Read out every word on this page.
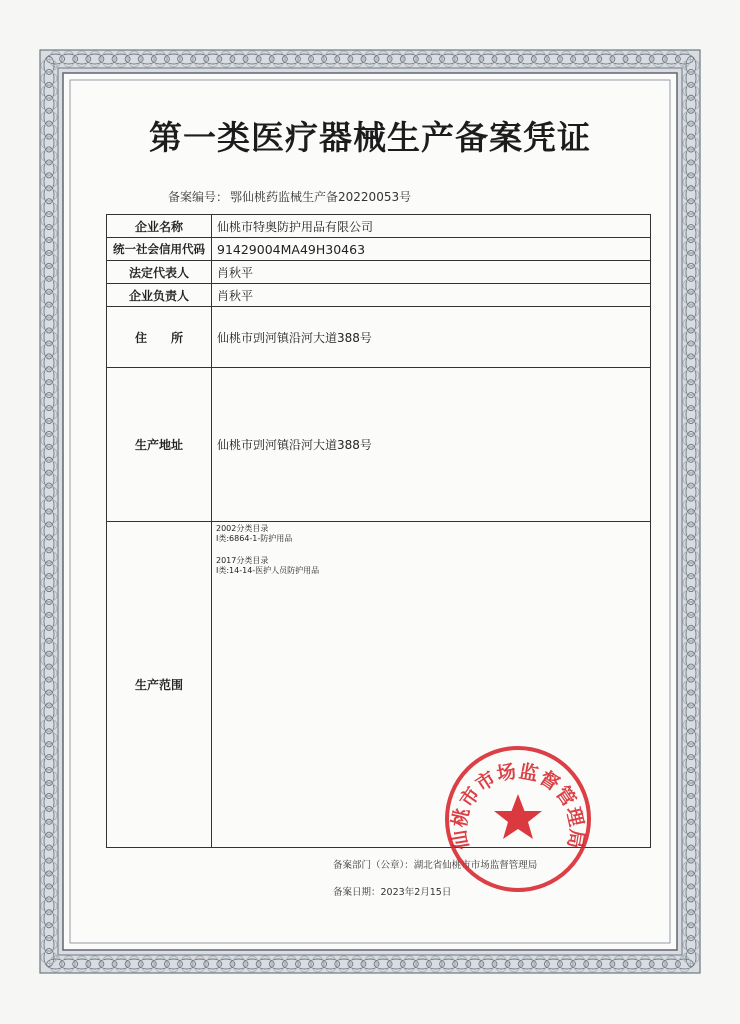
第一类医疗器械生产备案凭证
备案编号： 鄂仙桃药监械生产备20220053号
企业名称	仙桃市特奥防护用品有限公司
统一社会信用代码	91429004MA49H30463
法定代表人	肖秋平
企业负责人	肖秋平
住　　所	仙桃市剅河镇沿河大道388号
生产地址	仙桃市剅河镇沿河大道388号
生产范围	2002分类目录
Ⅰ类:6864-1-防护用品
2017分类目录
Ⅰ类:14-14-医护人员防护用品
备案部门（公章）：湖北省仙桃市市场监督管理局
备案日期：2023年2月15日
仙桃市市场监督管理局
